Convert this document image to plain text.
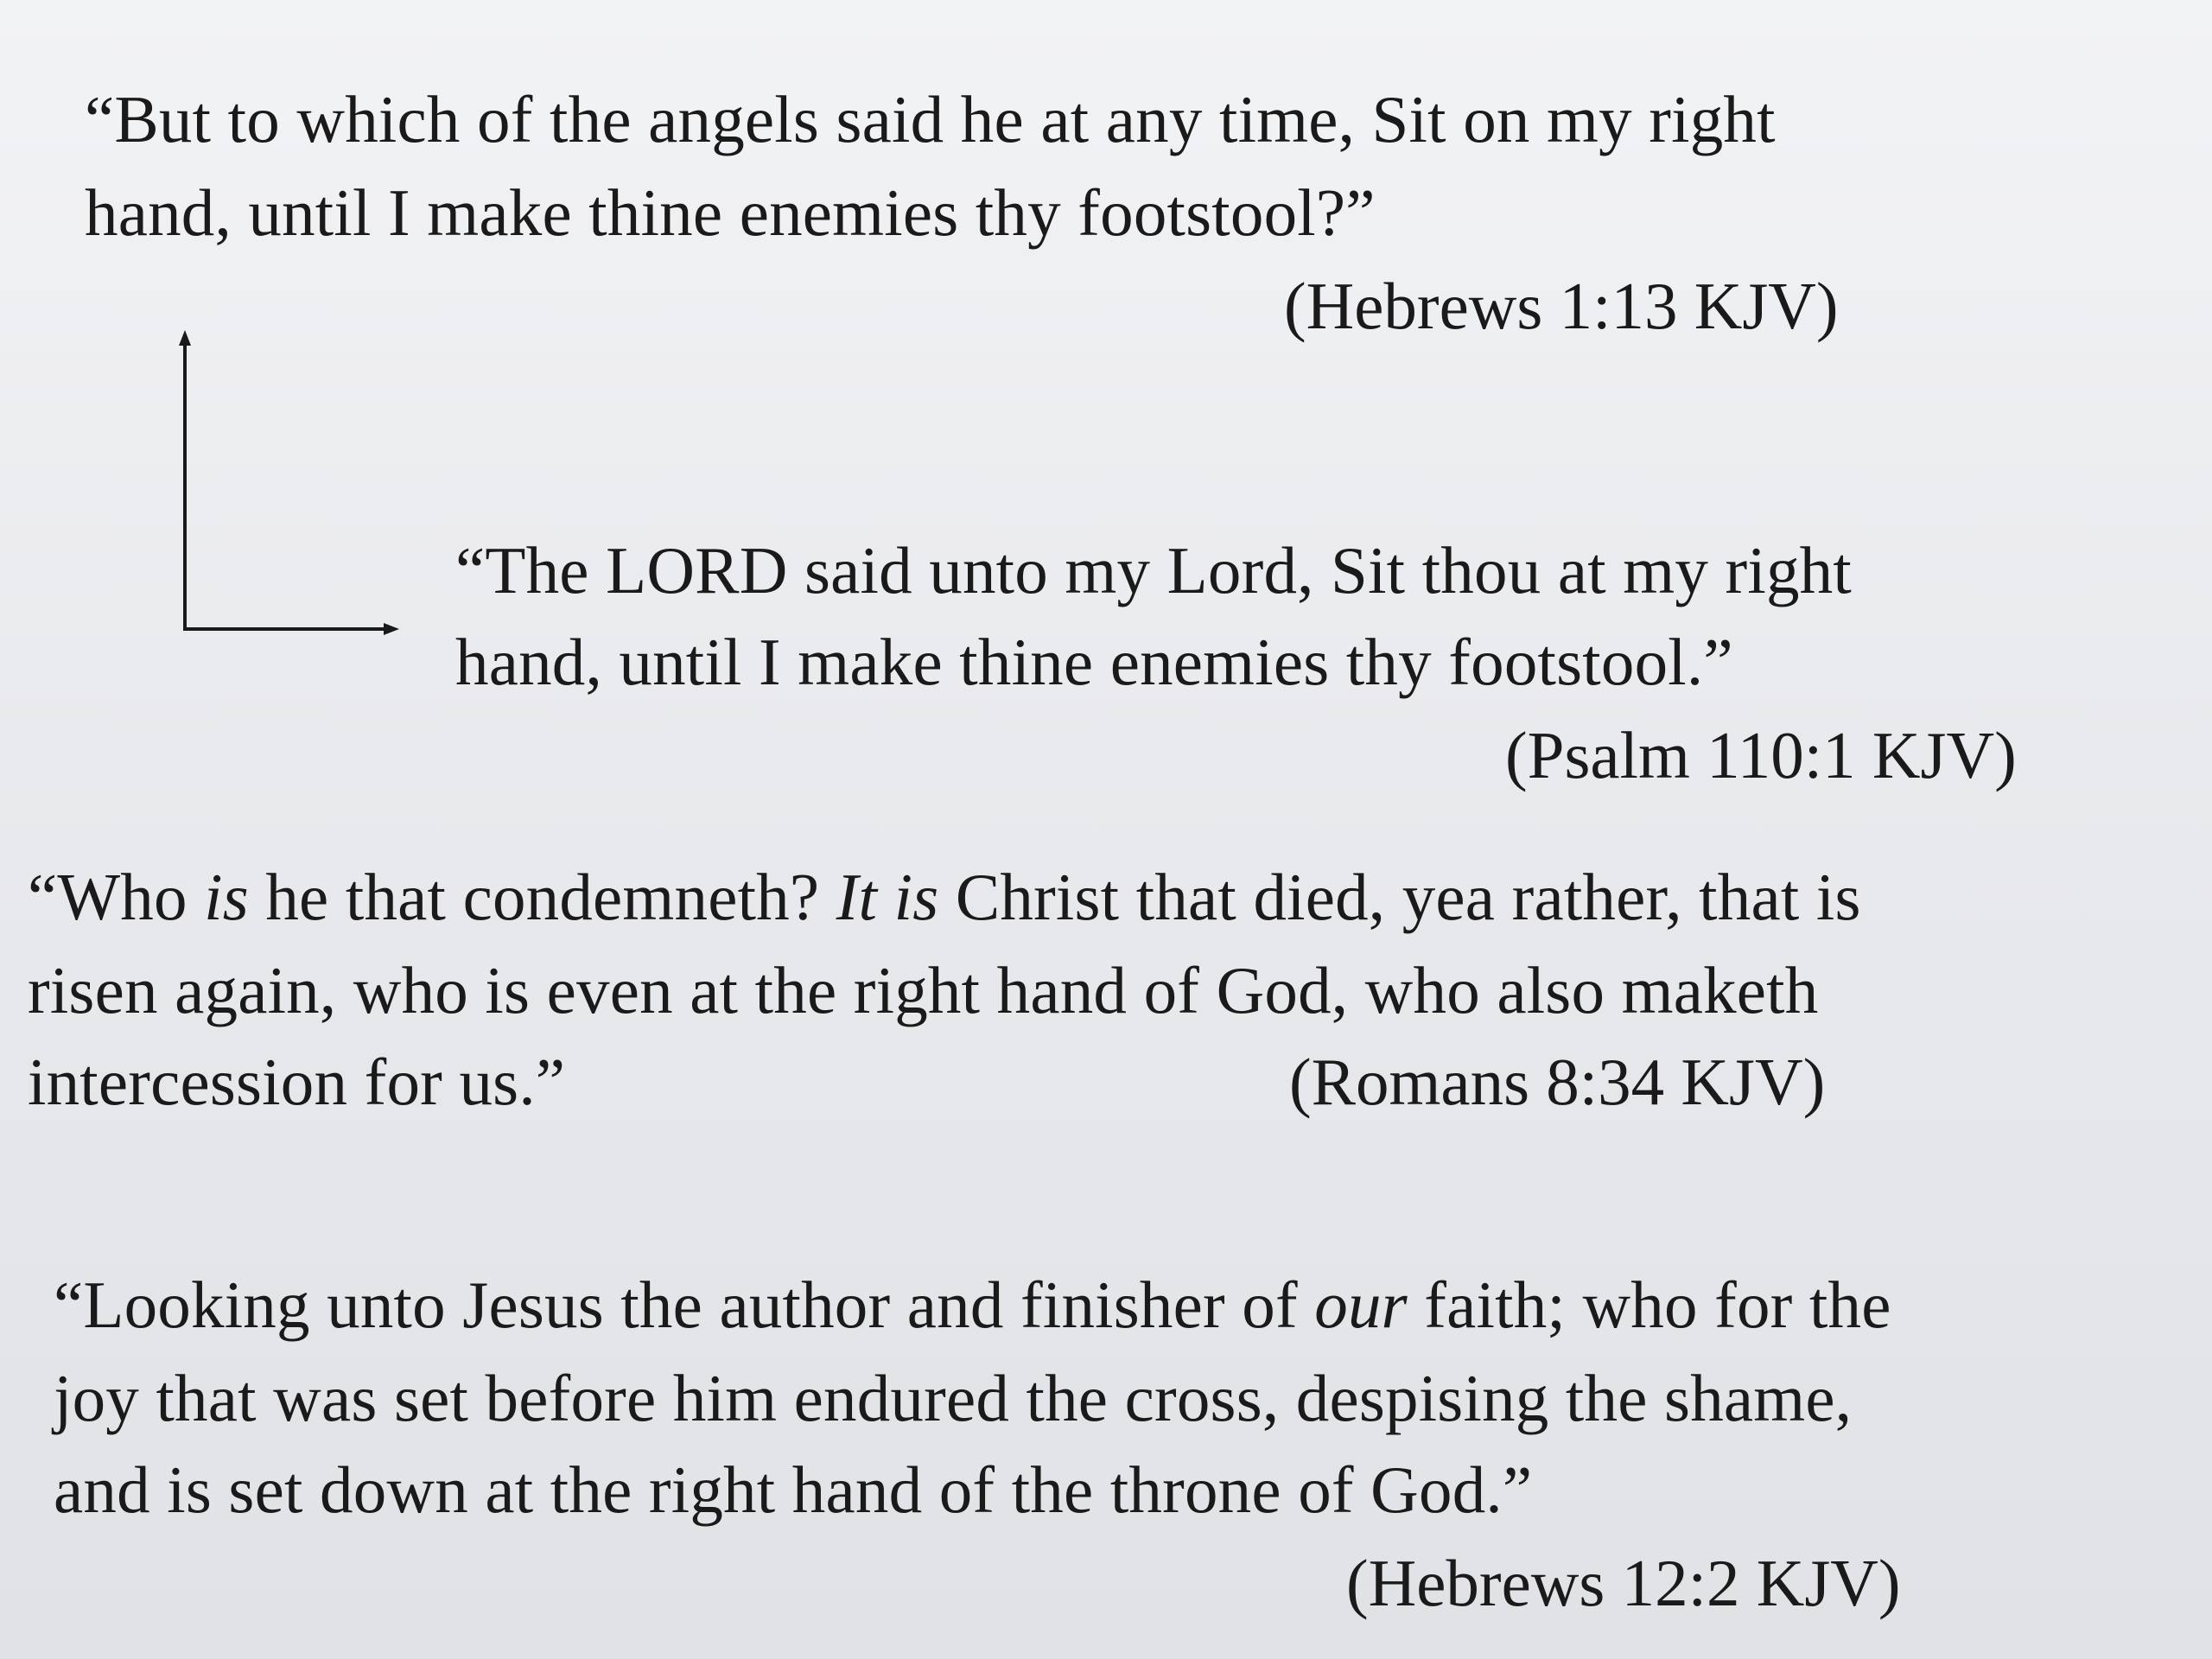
“But to which of the angels said he at any time, Sit on my right
hand, until I make thine enemies thy footstool?”
(Hebrews 1:13 KJV)
“The LORD said unto my Lord, Sit thou at my right
hand, until I make thine enemies thy footstool.”
(Psalm 110:1 KJV)
“Who is he that condemneth? It is Christ that died, yea rather, that is
risen again, who is even at the right hand of God, who also maketh
intercession for us.”	(Romans 8:34 KJV)
“Looking unto Jesus the author and finisher of our faith; who for the
joy that was set before him endured the cross, despising the shame,
and is set down at the right hand of the throne of God.”
(Hebrews 12:2 KJV)
